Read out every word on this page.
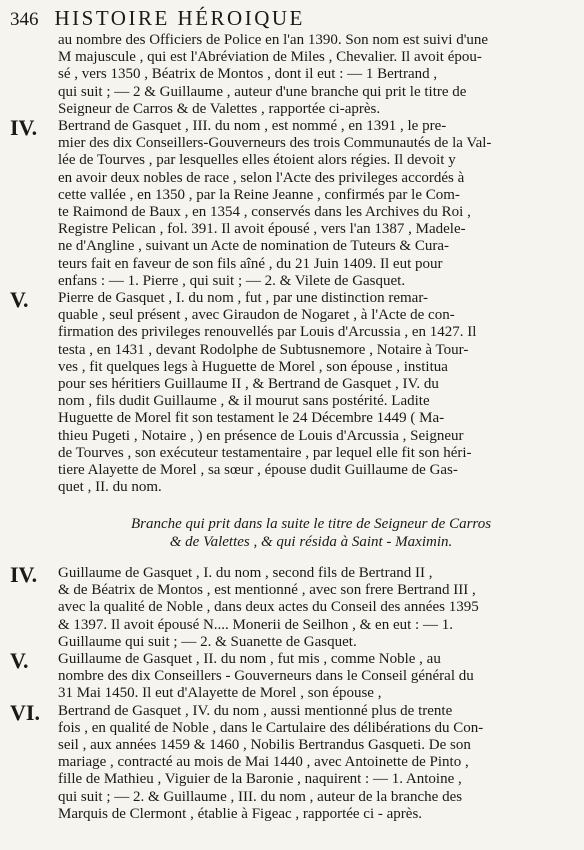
346 HISTOIRE HÉROIQUE
au nombre des Officiers de Police en l'an 1390. Son nom est suivi d'une
M majuscule , qui est l'Abréviation de Miles , Chevalier. Il avoit épou-
sé , vers 1350 , Béatrix de Montos , dont il eut : — 1 Bertrand ,
qui suit ; — 2 & Guillaume , auteur d'une branche qui prit le titre de
Seigneur de Carros & de Valettes , rapportée ci-après.
IV.	Bertrand de Gasquet , III. du nom , est nommé , en 1391 , le pre-
mier des dix Conseillers-Gouverneurs des trois Communautés de la Val-
lée de Tourves , par lesquelles elles étoient alors régies. Il devoit y
en avoir deux nobles de race , selon l'Acte des privileges accordés à
cette vallée , en 1350 , par la Reine Jeanne , confirmés par le Com-
te Raimond de Baux , en 1354 , conservés dans les Archives du Roi ,
Registre Pelican , fol. 391. Il avoit épousé , vers l'an 1387 , Madele-
ne d'Angline , suivant un Acte de nomination de Tuteurs & Cura-
teurs fait en faveur de son fils aîné , du 21 Juin 1409. Il eut pour
enfans : — 1. Pierre , qui suit ; — 2. & Vilete de Gasquet.
V.	Pierre de Gasquet , I. du nom , fut , par une distinction remar-
quable , seul présent , avec Giraudon de Nogaret , à l'Acte de con-
firmation des privileges renouvellés par Louis d'Arcussia , en 1427. Il
testa , en 1431 , devant Rodolphe de Subtusnemore , Notaire à Tour-
ves , fit quelques legs à Huguette de Morel , son épouse , institua
pour ses héritiers Guillaume II , & Bertrand de Gasquet , IV. du
nom , fils dudit Guillaume , & il mourut sans postérité. Ladite
Huguette de Morel fit son testament le 24 Décembre 1449 ( Ma-
thieu Pugeti , Notaire , ) en présence de Louis d'Arcussia , Seigneur
de Tourves , son exécuteur testamentaire , par lequel elle fit son héri-
tiere Alayette de Morel , sa sœur , épouse dudit Guillaume de Gas-
quet , II. du nom.
Branche qui prit dans la suite le titre de Seigneur de Carros
& de Valettes , & qui résida à Saint - Maximin.
IV.	Guillaume de Gasquet , I. du nom , second fils de Bertrand II ,
& de Béatrix de Montos , est mentionné , avec son frere Bertrand III ,
avec la qualité de Noble , dans deux actes du Conseil des années 1395
& 1397. Il avoit épousé N.... Monerii de Seilhon , & en eut : — 1.
Guillaume qui suit ; — 2. & Suanette de Gasquet.
V.	Guillaume de Gasquet , II. du nom , fut mis , comme Noble , au
nombre des dix Conseillers - Gouverneurs dans le Conseil général du
31 Mai 1450. Il eut d'Alayette de Morel , son épouse ,
VI.	Bertrand de Gasquet , IV. du nom , aussi mentionné plus de trente
fois , en qualité de Noble , dans le Cartulaire des délibérations du Con-
seil , aux années 1459 & 1460 , Nobilis Bertrandus Gasqueti. De son
mariage , contracté au mois de Mai 1440 , avec Antoinette de Pinto ,
fille de Mathieu , Viguier de la Baronie , naquirent : — 1. Antoine ,
qui suit ; — 2. & Guillaume , III. du nom , auteur de la branche des
Marquis de Clermont , établie à Figeac , rapportée ci - après.
